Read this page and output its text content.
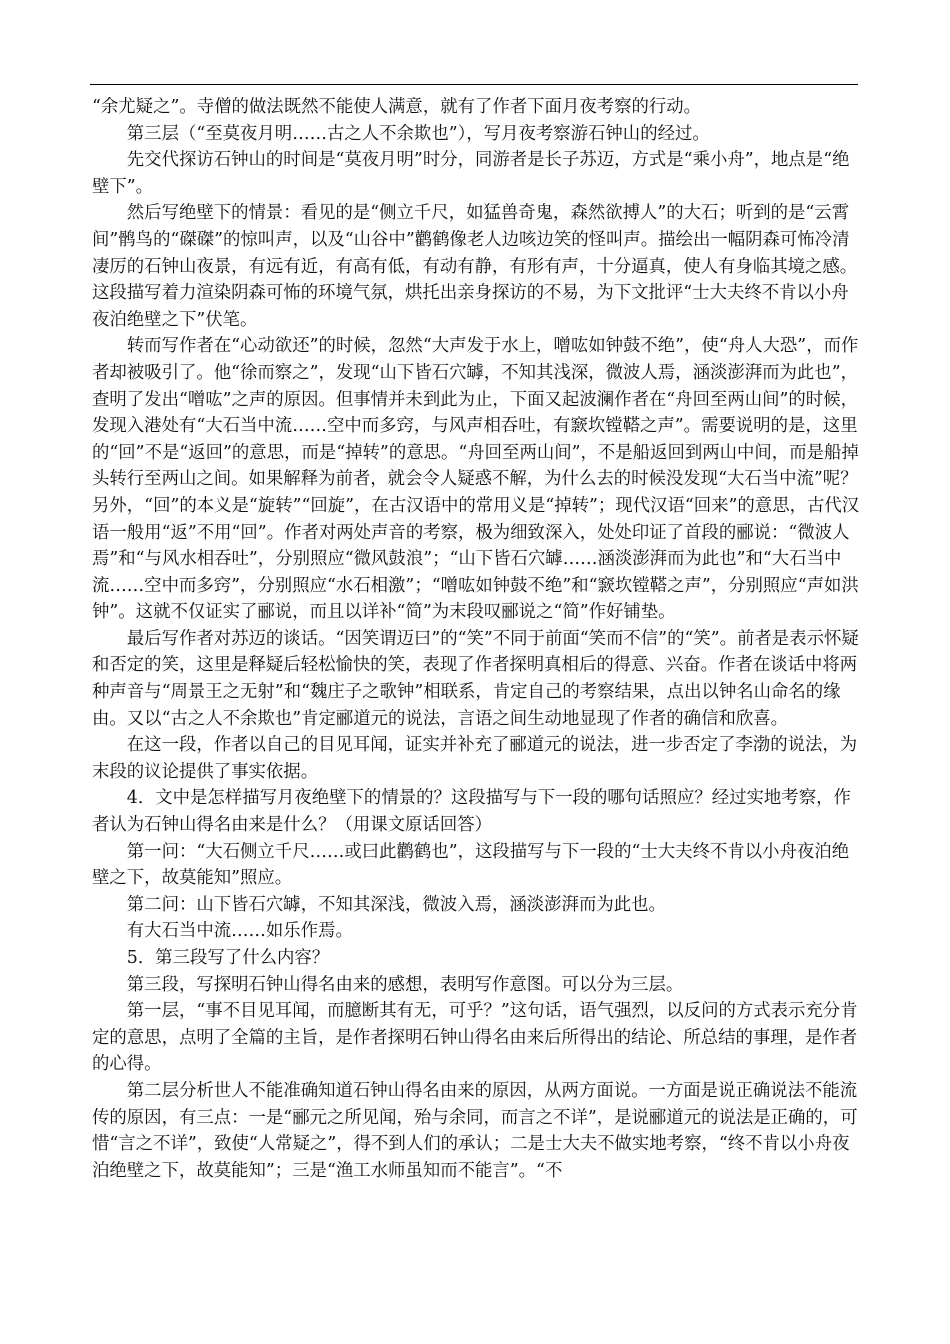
“余尤疑之”。寺僧的做法既然不能使人满意，就有了作者下面月夜考察的行动。

　　第三层（“至莫夜月明……古之人不余欺也”），写月夜考察游石钟山的经过。

　　先交代探访石钟山的时间是“莫夜月明”时分，同游者是长子苏迈，方式是“乘小舟”，地点是“绝壁下”。

　　然后写绝壁下的情景：看见的是“侧立千尺，如猛兽奇鬼，森然欲搏人”的大石；听到的是“云霄间”鹘鸟的“磔磔”的惊叫声，以及“山谷中”鹳鹤像老人边咳边笑的怪叫声。描绘出一幅阴森可怖冷清凄厉的石钟山夜景，有远有近，有高有低，有动有静，有形有声，十分逼真，使人有身临其境之感。这段描写着力渲染阴森可怖的环境气氛，烘托出亲身探访的不易，为下文批评“士大夫终不肯以小舟夜泊绝壁之下”伏笔。

　　转而写作者在“心动欲还”的时候，忽然“大声发于水上，噌吰如钟鼓不绝”，使“舟人大恐”，而作者却被吸引了。他“徐而察之”，发现“山下皆石穴罅，不知其浅深，微波人焉，涵淡澎湃而为此也”，查明了发出“噌吰”之声的原因。但事情并未到此为止，下面又起波澜作者在“舟回至两山间”的时候，发现入港处有“大石当中流……空中而多窍，与风声相吞吐，有窾坎镗鞳之声”。需要说明的是，这里的“回”不是“返回”的意思，而是“掉转”的意思。“舟回至两山间”，不是船返回到两山中间，而是船掉头转行至两山之间。如果解释为前者，就会令人疑惑不解，为什么去的时候没发现“大石当中流”呢？另外，“回”的本义是“旋转”“回旋”，在古汉语中的常用义是“掉转”；现代汉语“回来”的意思，古代汉语一般用“返”不用“回”。作者对两处声音的考察，极为细致深入，处处印证了首段的郦说：“微波人焉”和“与风水相吞吐”，分别照应“微风鼓浪”；“山下皆石穴罅……涵淡澎湃而为此也”和“大石当中流……空中而多窍”，分别照应“水石相激”；“噌吰如钟鼓不绝”和“窾坎镗鞳之声”，分别照应“声如洪钟”。这就不仅证实了郦说，而且以详补“简”为末段叹郦说之“简”作好铺垫。

　　最后写作者对苏迈的谈话。“因笑谓迈曰”的“笑”不同于前面“笑而不信”的“笑”。前者是表示怀疑和否定的笑，这里是释疑后轻松愉快的笑，表现了作者探明真相后的得意、兴奋。作者在谈话中将两种声音与“周景王之无射”和“魏庄子之歌钟”相联系，肯定自己的考察结果，点出以钟名山命名的缘由。又以“古之人不余欺也”肯定郦道元的说法，言语之间生动地显现了作者的确信和欣喜。

　　在这一段，作者以自己的目见耳闻，证实并补充了郦道元的说法，进一步否定了李渤的说法，为末段的议论提供了事实依据。

　　4．文中是怎样描写月夜绝壁下的情景的？这段描写与下一段的哪句话照应？经过实地考察，作者认为石钟山得名由来是什么？（用课文原话回答）

　　第一问：“大石侧立千尺……或曰此鹳鹤也”，这段描写与下一段的“士大夫终不肯以小舟夜泊绝壁之下，故莫能知”照应。

　　第二问：山下皆石穴罅，不知其深浅，微波入焉，涵淡澎湃而为此也。

　　有大石当中流……如乐作焉。

　　5．第三段写了什么内容？

　　第三段，写探明石钟山得名由来的感想，表明写作意图。可以分为三层。

　　第一层，“事不目见耳闻，而臆断其有无，可乎？”这句话，语气强烈，以反问的方式表示充分肯定的意思，点明了全篇的主旨，是作者探明石钟山得名由来后所得出的结论、所总结的事理，是作者的心得。

　　第二层分析世人不能准确知道石钟山得名由来的原因，从两方面说。一方面是说正确说法不能流传的原因，有三点：一是“郦元之所见闻，殆与余同，而言之不详”，是说郦道元的说法是正确的，可惜“言之不详”，致使“人常疑之”，得不到人们的承认；二是士大夫不做实地考察，“终不肯以小舟夜泊绝壁之下，故莫能知”；三是“渔工水师虽知而不能言”。“不
